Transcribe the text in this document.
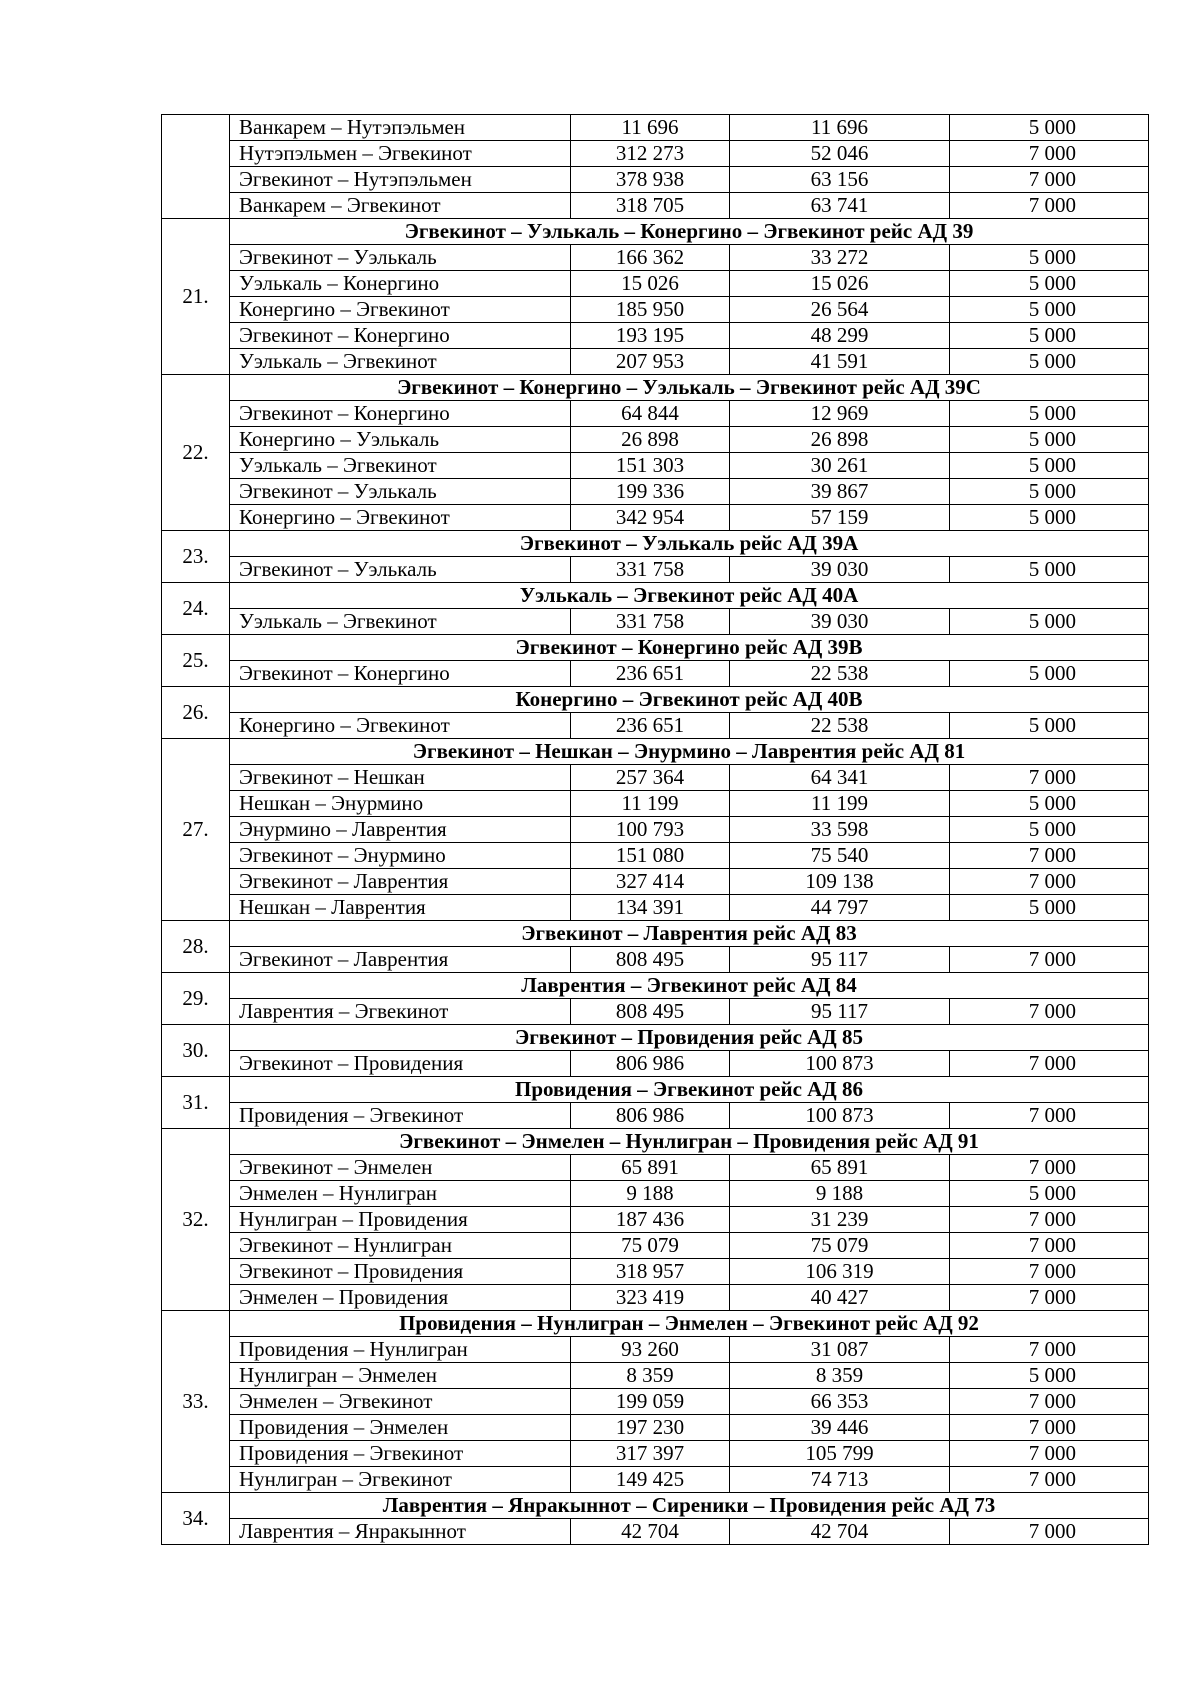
	Ванкарем – Нутэпэльмен	11 696	11 696	5 000
	Нутэпэльмен – Эгвекинот	312 273	52 046	7 000
	Эгвекинот – Нутэпэльмен	378 938	63 156	7 000
	Ванкарем – Эгвекинот	318 705	63 741	7 000
21.	Эгвекинот – Уэлькаль – Конергино – Эгвекинот рейс АД 39			
	Эгвекинот – Уэлькаль	166 362	33 272	5 000
	Уэлькаль – Конергино	15 026	15 026	5 000
	Конергино – Эгвекинот	185 950	26 564	5 000
	Эгвекинот – Конергино	193 195	48 299	5 000
	Уэлькаль – Эгвекинот	207 953	41 591	5 000
22.	Эгвекинот – Конергино – Уэлькаль – Эгвекинот рейс АД 39С			
	Эгвекинот – Конергино	64 844	12 969	5 000
	Конергино – Уэлькаль	26 898	26 898	5 000
	Уэлькаль – Эгвекинот	151 303	30 261	5 000
	Эгвекинот – Уэлькаль	199 336	39 867	5 000
	Конергино – Эгвекинот	342 954	57 159	5 000
23.	Эгвекинот – Уэлькаль рейс АД 39А			
	Эгвекинот – Уэлькаль	331 758	39 030	5 000
24.	Уэлькаль – Эгвекинот рейс АД 40А			
	Уэлькаль – Эгвекинот	331 758	39 030	5 000
25.	Эгвекинот – Конергино рейс АД 39В			
	Эгвекинот – Конергино	236 651	22 538	5 000
26.	Конергино – Эгвекинот рейс АД 40В			
	Конергино – Эгвекинот	236 651	22 538	5 000
27.	Эгвекинот – Нешкан – Энурмино – Лаврентия рейс АД 81			
	Эгвекинот – Нешкан	257 364	64 341	7 000
	Нешкан – Энурмино	11 199	11 199	5 000
	Энурмино – Лаврентия	100 793	33 598	5 000
	Эгвекинот – Энурмино	151 080	75 540	7 000
	Эгвекинот – Лаврентия	327 414	109 138	7 000
	Нешкан – Лаврентия	134 391	44 797	5 000
28.	Эгвекинот – Лаврентия рейс АД 83			
	Эгвекинот – Лаврентия	808 495	95 117	7 000
29.	Лаврентия – Эгвекинот рейс АД 84			
	Лаврентия – Эгвекинот	808 495	95 117	7 000
30.	Эгвекинот – Провидения рейс АД 85			
	Эгвекинот – Провидения	806 986	100 873	7 000
31.	Провидения – Эгвекинот рейс АД 86			
	Провидения – Эгвекинот	806 986	100 873	7 000
32.	Эгвекинот – Энмелен – Нунлигран – Провидения рейс АД 91			
	Эгвекинот – Энмелен	65 891	65 891	7 000
	Энмелен – Нунлигран	9 188	9 188	5 000
	Нунлигран – Провидения	187 436	31 239	7 000
	Эгвекинот – Нунлигран	75 079	75 079	7 000
	Эгвекинот – Провидения	318 957	106 319	7 000
	Энмелен – Провидения	323 419	40 427	7 000
33.	Провидения – Нунлигран – Энмелен – Эгвекинот рейс АД 92			
	Провидения – Нунлигран	93 260	31 087	7 000
	Нунлигран – Энмелен	8 359	8 359	5 000
	Энмелен – Эгвекинот	199 059	66 353	7 000
	Провидения – Энмелен	197 230	39 446	7 000
	Провидения – Эгвекинот	317 397	105 799	7 000
	Нунлигран – Эгвекинот	149 425	74 713	7 000
34.	Лаврентия – Янракыннот – Сиреники – Провидения рейс АД 73			
	Лаврентия – Янракыннот	42 704	42 704	7 000
